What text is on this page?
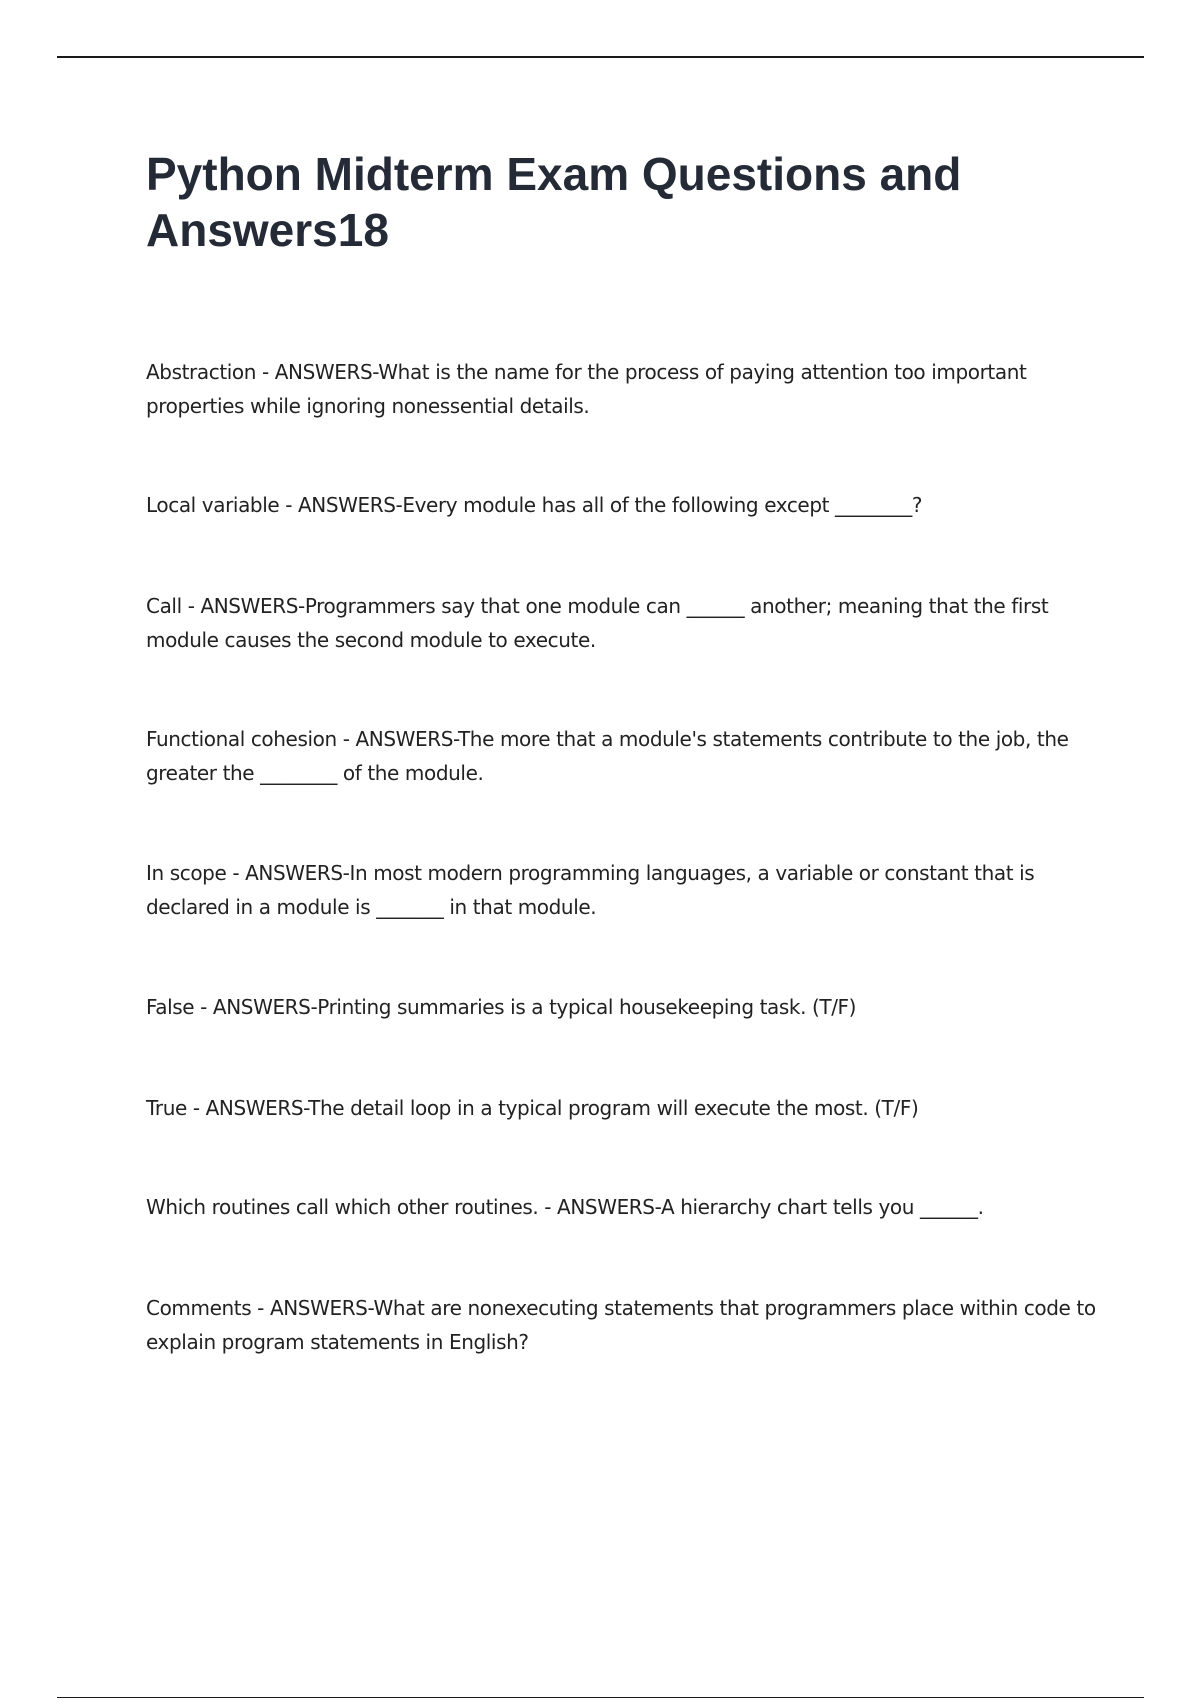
Python Midterm Exam Questions and Answers18

Abstraction - ANSWERS-What is the name for the process of paying attention too important properties while ignoring nonessential details.

Local variable - ANSWERS-Every module has all of the following except ________?

Call - ANSWERS-Programmers say that one module can ______ another; meaning that the first module causes the second module to execute.

Functional cohesion - ANSWERS-The more that a module's statements contribute to the job, the greater the ________ of the module.

In scope - ANSWERS-In most modern programming languages, a variable or constant that is declared in a module is _______ in that module.

False - ANSWERS-Printing summaries is a typical housekeeping task. (T/F)

True - ANSWERS-The detail loop in a typical program will execute the most. (T/F)

Which routines call which other routines. - ANSWERS-A hierarchy chart tells you ______.

Comments - ANSWERS-What are nonexecuting statements that programmers place within code to explain program statements in English?
